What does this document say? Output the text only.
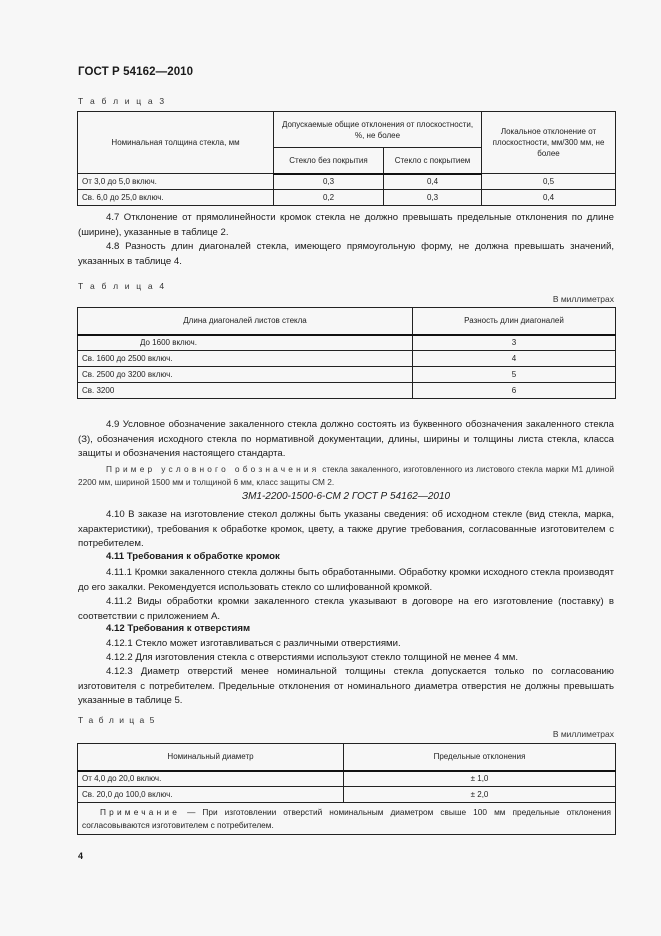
ГОСТ Р 54162—2010
Т а б л и ц а 3
Номинальная толщина стекла, мм	Допускаемые общие отклонения от плоскостности, %, не более		Локальное отклонение от плоскостности, мм/300 мм, не более
	Стекло без покрытия	Стекло с покрытием	
От 3,0 до 5,0 включ.	0,3	0,4	0,5
Св. 6,0 до 25,0 включ.	0,2	0,3	0,4
4.7 Отклонение от прямолинейности кромок стекла не должно превышать предельные отклонения по длине (ширине), указанные в таблице 2.
4.8 Разность длин диагоналей стекла, имеющего прямоугольную форму, не должна превышать значений, указанных в таблице 4.
Т а б л и ц а 4
В миллиметрах
Длина диагоналей листов стекла	Разность длин диагоналей
До 1600 включ.	3
Св. 1600 до 2500 включ.	4
Св. 2500 до 3200 включ.	5
Св. 3200	6
4.9 Условное обозначение закаленного стекла должно состоять из буквенного обозначения закаленного стекла (З), обозначения исходного стекла по нормативной документации, длины, ширины и толщины листа стекла, класса защиты и обозначения настоящего стандарта.
Пример условного обозначения стекла закаленного, изготовленного из листового стекла марки М1 длиной 2200 мм, шириной 1500 мм и толщиной 6 мм, класс защиты СМ 2.
ЗМ1-2200-1500-6-СМ 2 ГОСТ Р 54162—2010
4.10 В заказе на изготовление стекол должны быть указаны сведения: об исходном стекле (вид стекла, марка, характеристики), требования к обработке кромок, цвету, а также другие требования, согласованные изготовителем с потребителем.
4.11 Требования к обработке кромок
4.11.1 Кромки закаленного стекла должны быть обработанными. Обработку кромки исходного стекла производят до его закалки. Рекомендуется использовать стекло со шлифованной кромкой.
4.11.2 Виды обработки кромки закаленного стекла указывают в договоре на его изготовление (поставку) в соответствии с приложением А.
4.12 Требования к отверстиям
4.12.1 Стекло может изготавливаться с различными отверстиями.
4.12.2 Для изготовления стекла с отверстиями используют стекло толщиной не менее 4 мм.
4.12.3 Диаметр отверстий менее номинальной толщины стекла допускается только по согласованию изготовителя с потребителем. Предельные отклонения от номинального диаметра отверстия не должны превышать указанные в таблице 5.
Т а б л и ц а 5
В миллиметрах
Номинальный диаметр	Предельные отклонения
От 4,0 до 20,0 включ.	± 1,0
Св. 20,0 до 100,0 включ.	± 2,0
Примечание — При изготовлении отверстий номинальным диаметром свыше 100 мм предельные отклонения согласовываются изготовителем с потребителем.	
4
